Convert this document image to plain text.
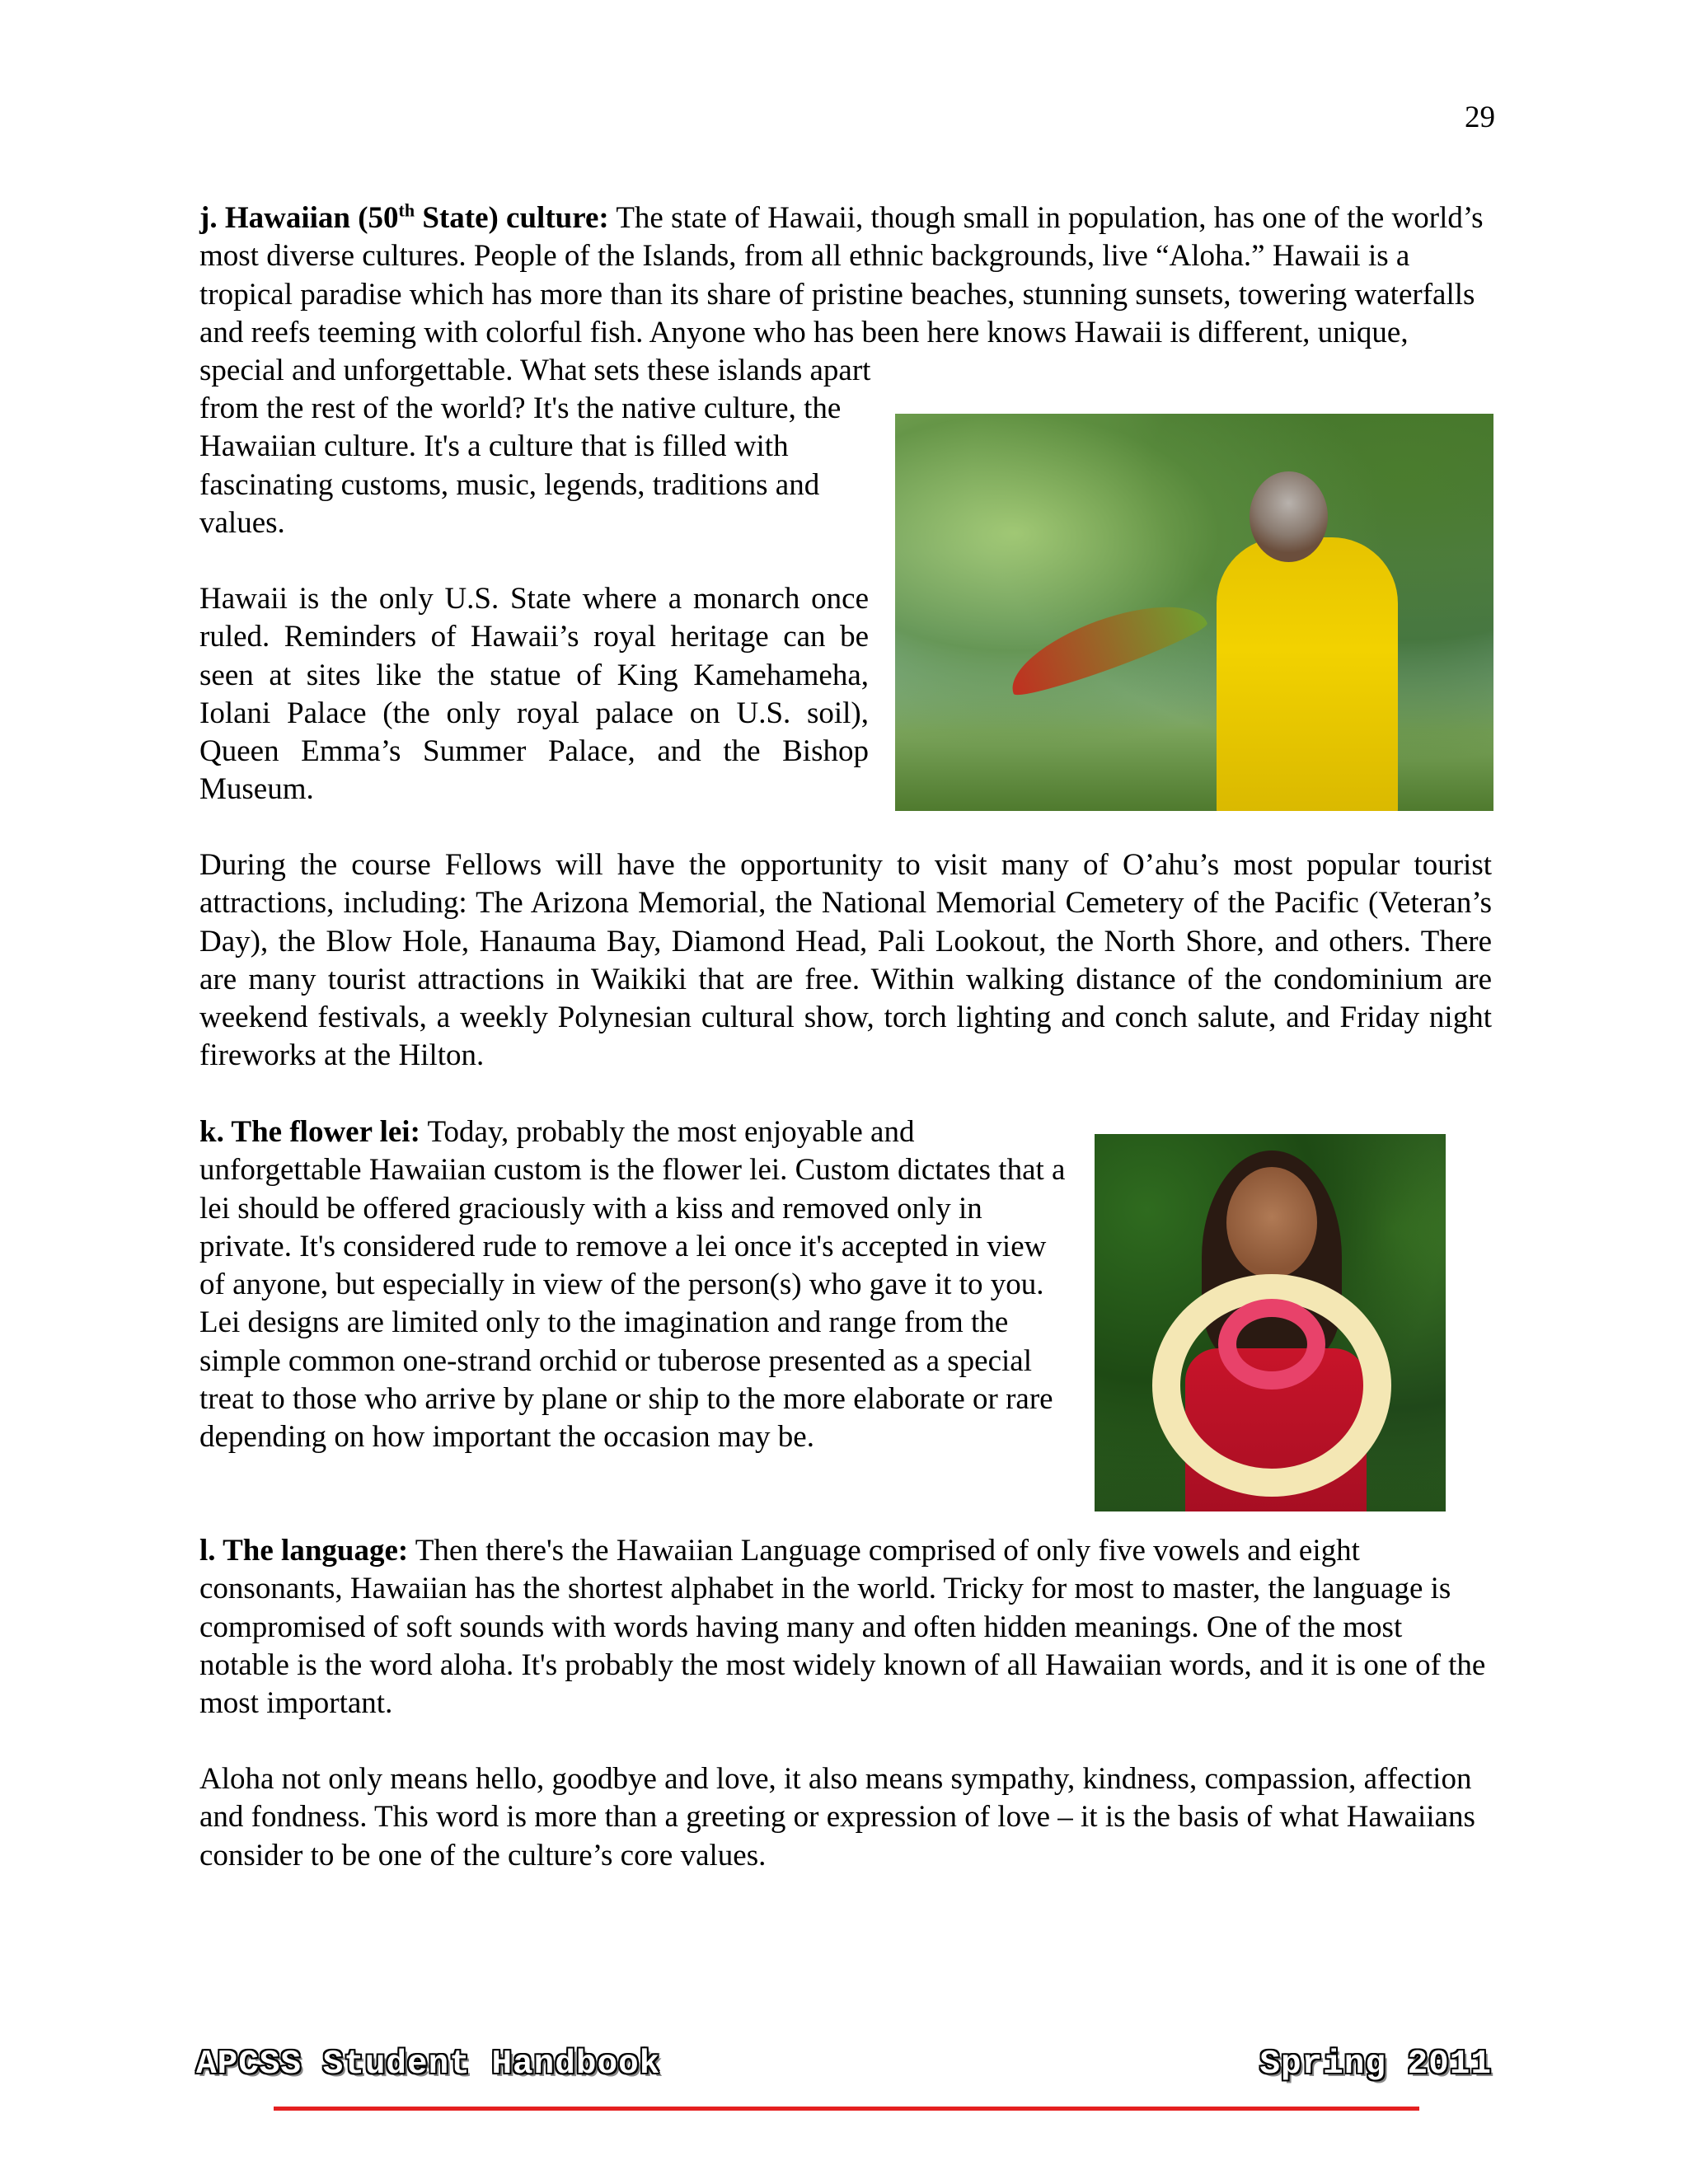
29

j. Hawaiian (50th State) culture: The state of Hawaii, though small in population, has one of the world’s most diverse cultures. People of the Islands, from all ethnic backgrounds, live “Aloha.” Hawaii is a tropical paradise which has more than its share of pristine beaches, stunning sunsets, towering waterfalls and reefs teeming with colorful fish. Anyone who has been here knows Hawaii is different, unique, special and unforgettable. What sets these islands apart

from the rest of the world? It's the native culture, the Hawaiian culture. It's a culture that is filled with fascinating customs, music, legends, traditions and values.

Hawaii is the only U.S. State where a monarch once ruled. Reminders of Hawaii’s royal heritage can be seen at sites like the statue of King Kamehameha, Iolani Palace (the only royal palace on U.S. soil), Queen Emma’s Summer Palace, and the Bishop Museum.

During the course Fellows will have the opportunity to visit many of O’ahu’s most popular tourist attractions, including: The Arizona Memorial, the National Memorial Cemetery of the Pacific (Veteran’s Day), the Blow Hole, Hanauma Bay, Diamond Head, Pali Lookout, the North Shore, and others. There are many tourist attractions in Waikiki that are free. Within walking distance of the condominium are weekend festivals, a weekly Polynesian cultural show, torch lighting and conch salute, and Friday night fireworks at the Hilton.

k. The flower lei: Today, probably the most enjoyable and unforgettable Hawaiian custom is the flower lei. Custom dictates that a lei should be offered graciously with a kiss and removed only in private. It's considered rude to remove a lei once it's accepted in view of anyone, but especially in view of the person(s) who gave it to you. Lei designs are limited only to the imagination and range from the simple common one-strand orchid or tuberose presented as a special treat to those who arrive by plane or ship to the more elaborate or rare depending on how important the occasion may be.

l. The language: Then there's the Hawaiian Language comprised of only five vowels and eight consonants, Hawaiian has the shortest alphabet in the world. Tricky for most to master, the language is compromised of soft sounds with words having many and often hidden meanings. One of the most notable is the word aloha. It's probably the most widely known of all Hawaiian words, and it is one of the most important.

Aloha not only means hello, goodbye and love, it also means sympathy, kindness, compassion, affection and fondness. This word is more than a greeting or expression of love – it is the basis of what Hawaiians consider to be one of the culture’s core values.

APCSS Student Handbook	Spring 2011
